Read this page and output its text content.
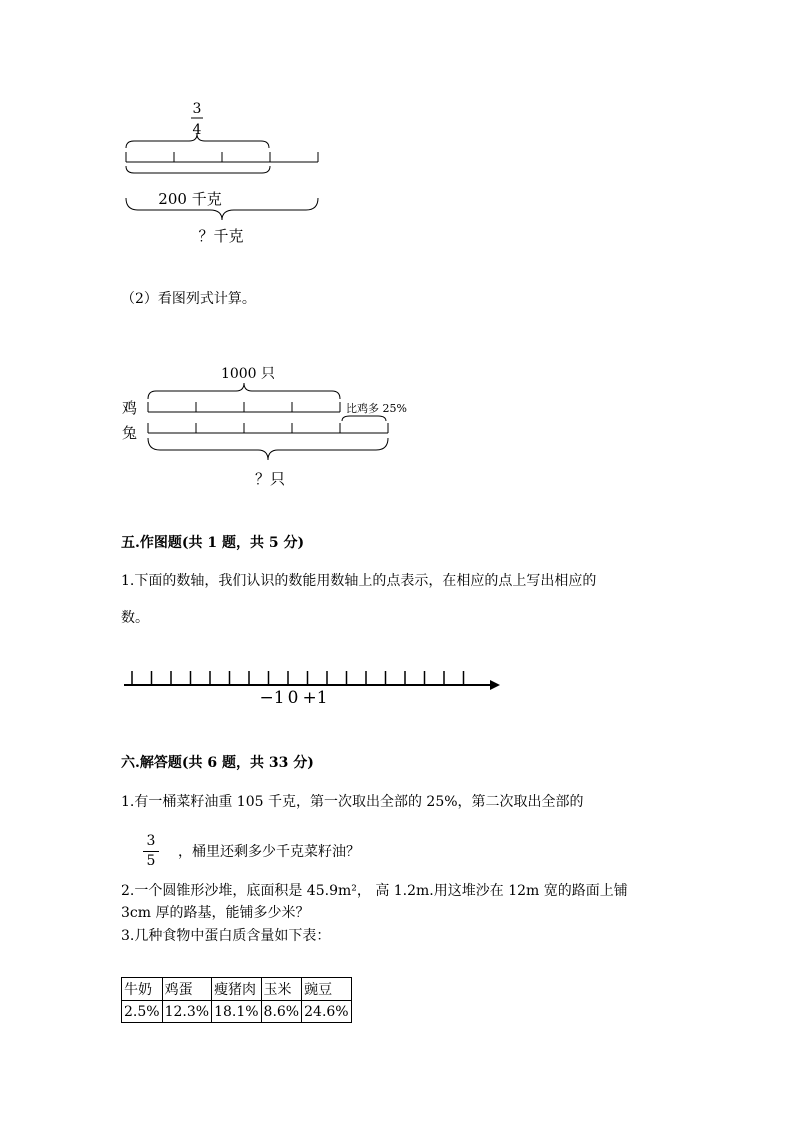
3
4
200 千克
？千克
（2）看图列式计算。
1000 只
鸡	比鸡多 25%
兔
？只
五.作图题(共 1 题，共 5 分)
1.下面的数轴，我们认识的数能用数轴上的点表示，在相应的点上写出相应的
数。
−1 0 +1
六.解答题(共 6 题，共 33 分)
1.有一桶菜籽油重 105 千克，第一次取出全部的 25%，第二次取出全部的
3
5
，桶里还剩多少千克菜籽油？
2.一个圆锥形沙堆，底面积是 45.9m²， 高 1.2m.用这堆沙在 12m 宽的路面上铺
3cm 厚的路基，能铺多少米？
3.几种食物中蛋白质含量如下表：
牛奶	鸡蛋	瘦猪肉	玉米	豌豆
2.5%	12.3%	18.1%	8.6%	24.6%
